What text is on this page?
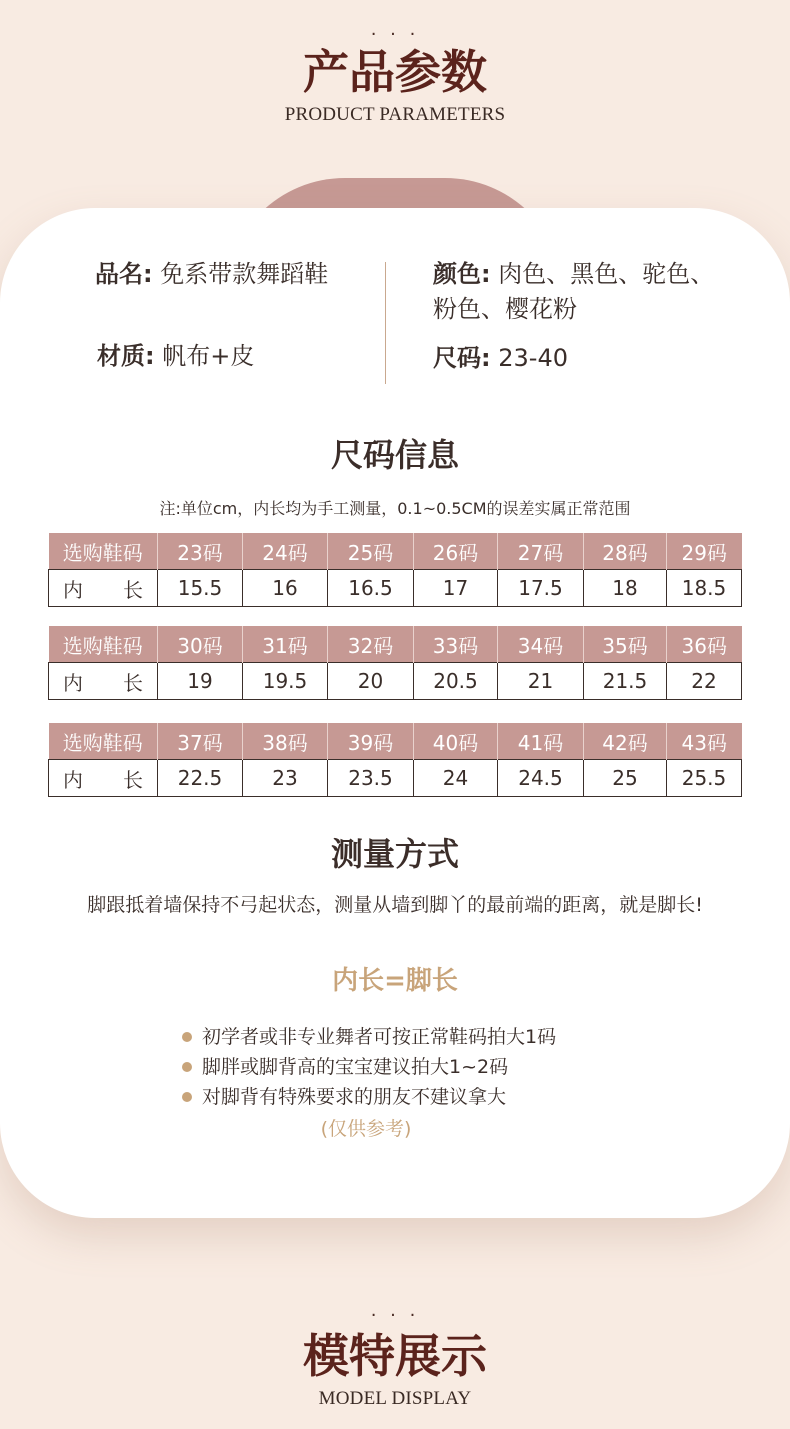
· · ·
产品参数
PRODUCT PARAMETERS
品名: 免系带款舞蹈鞋
材质: 帆布+皮
颜色: 肉色、黑色、驼色、
粉色、樱花粉
尺码: 23-40
尺码信息
注:单位cm，内长均为手工测量，0.1~0.5CM的误差实属正常范围
选购鞋码	23码	24码	25码	26码	27码	28码	29码
内　　长	15.5	16	16.5	17	17.5	18	18.5
选购鞋码	30码	31码	32码	33码	34码	35码	36码
内　　长	19	19.5	20	20.5	21	21.5	22
选购鞋码	37码	38码	39码	40码	41码	42码	43码
内　　长	22.5	23	23.5	24	24.5	25	25.5
测量方式
脚跟抵着墙保持不弓起状态，测量从墙到脚丫的最前端的距离，就是脚长!
内长=脚长
初学者或非专业舞者可按正常鞋码拍大1码
脚胖或脚背高的宝宝建议拍大1~2码
对脚背有特殊要求的朋友不建议拿大
(仅供参考)
· · ·
模特展示
MODEL DISPLAY
